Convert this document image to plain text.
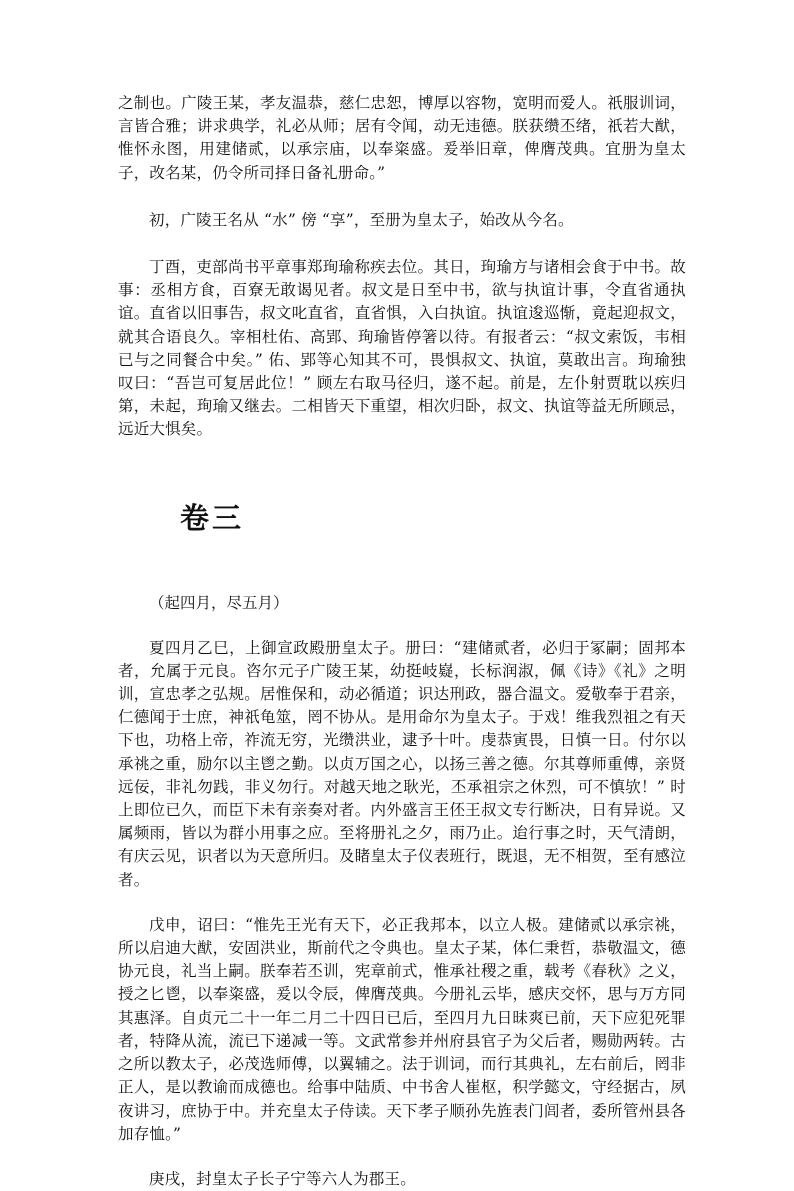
之制也。广陵王某，孝友温恭，慈仁忠恕，博厚以容物，宽明而爱人。祇服训词，言皆合雅；讲求典学，礼必从师；居有令闻，动无违德。朕获缵丕绪，祇若大猷，惟怀永图，用建储贰，以承宗庙，以奉粢盛。爰举旧章，俾膺茂典。宜册为皇太子，改名某，仍令所司择日备礼册命。”

初，广陵王名从 “水” 傍 “享”，至册为皇太子，始改从今名。

丁酉，吏部尚书平章事郑珣瑜称疾去位。其日，珣瑜方与诸相会食于中书。故事：丞相方食，百寮无敢谒见者。叔文是日至中书，欲与执谊计事，令直省通执谊。直省以旧事告，叔文叱直省，直省惧，入白执谊。执谊逡巡惭，竟起迎叔文，就其合语良久。宰相杜佑、高郢、珣瑜皆停箸以待。有报者云：“叔文索饭，韦相已与之同餐合中矣。” 佑、郢等心知其不可，畏惧叔文、执谊，莫敢出言。珣瑜独叹曰：“吾岂可复居此位！” 顾左右取马径归，遂不起。前是，左仆射贾耽以疾归第，未起，珣瑜又继去。二相皆天下重望，相次归卧，叔文、执谊等益无所顾忌，远近大惧矣。

卷三
（起四月，尽五月）

夏四月乙巳，上御宣政殿册皇太子。册曰：“建储贰者，必归于冢嗣；固邦本者，允属于元良。咨尔元子广陵王某，幼挺岐嶷，长标润淑，佩《诗》《礼》之明训，宣忠孝之弘规。居惟保和，动必循道；识达刑政，器合温文。爱敬奉于君亲，仁德闻于士庶，神祇龟筮，罔不协从。是用命尔为皇太子。于戏！维我烈祖之有天下也，功格上帝，祚流无穷，光缵洪业，逮予十叶。虔恭寅畏，日慎一日。付尔以承祧之重，励尔以主鬯之勤。以贞万国之心，以扬三善之德。尔其尊师重傅，亲贤远佞，非礼勿践，非义勿行。对越天地之耿光，丕承祖宗之休烈，可不慎欤！” 时上即位已久，而臣下未有亲奏对者。内外盛言王伾王叔文专行断决，日有异说。又属频雨，皆以为群小用事之应。至将册礼之夕，雨乃止。迨行事之时，天气清朗，有庆云见，识者以为天意所归。及睹皇太子仪表班行，既退，无不相贺，至有感泣者。

戊申，诏曰：“惟先王光有天下，必正我邦本，以立人极。建储贰以承宗祧，所以启迪大猷，安固洪业，斯前代之令典也。皇太子某，体仁秉哲，恭敬温文，德协元良，礼当上嗣。朕奉若丕训，宪章前式，惟承社稷之重，载考《春秋》之义，授之匕鬯，以奉粢盛，爰以令辰，俾膺茂典。今册礼云毕，感庆交怀，思与万方同其惠泽。自贞元二十一年二月二十四日已后，至四月九日昧爽已前，天下应犯死罪者，特降从流，流已下递减一等。文武常参并州府县官子为父后者，赐勋两转。古之所以教太子，必茂选师傅，以翼辅之。法于训词，而行其典礼，左右前后，罔非正人，是以教谕而成德也。给事中陆质、中书舍人崔枢，积学懿文，守经据古，夙夜讲习，庶协于中。并充皇太子侍读。天下孝子顺孙先旌表门闾者，委所管州县各加存恤。”

庚戌，封皇太子长子宁等六人为郡王。
